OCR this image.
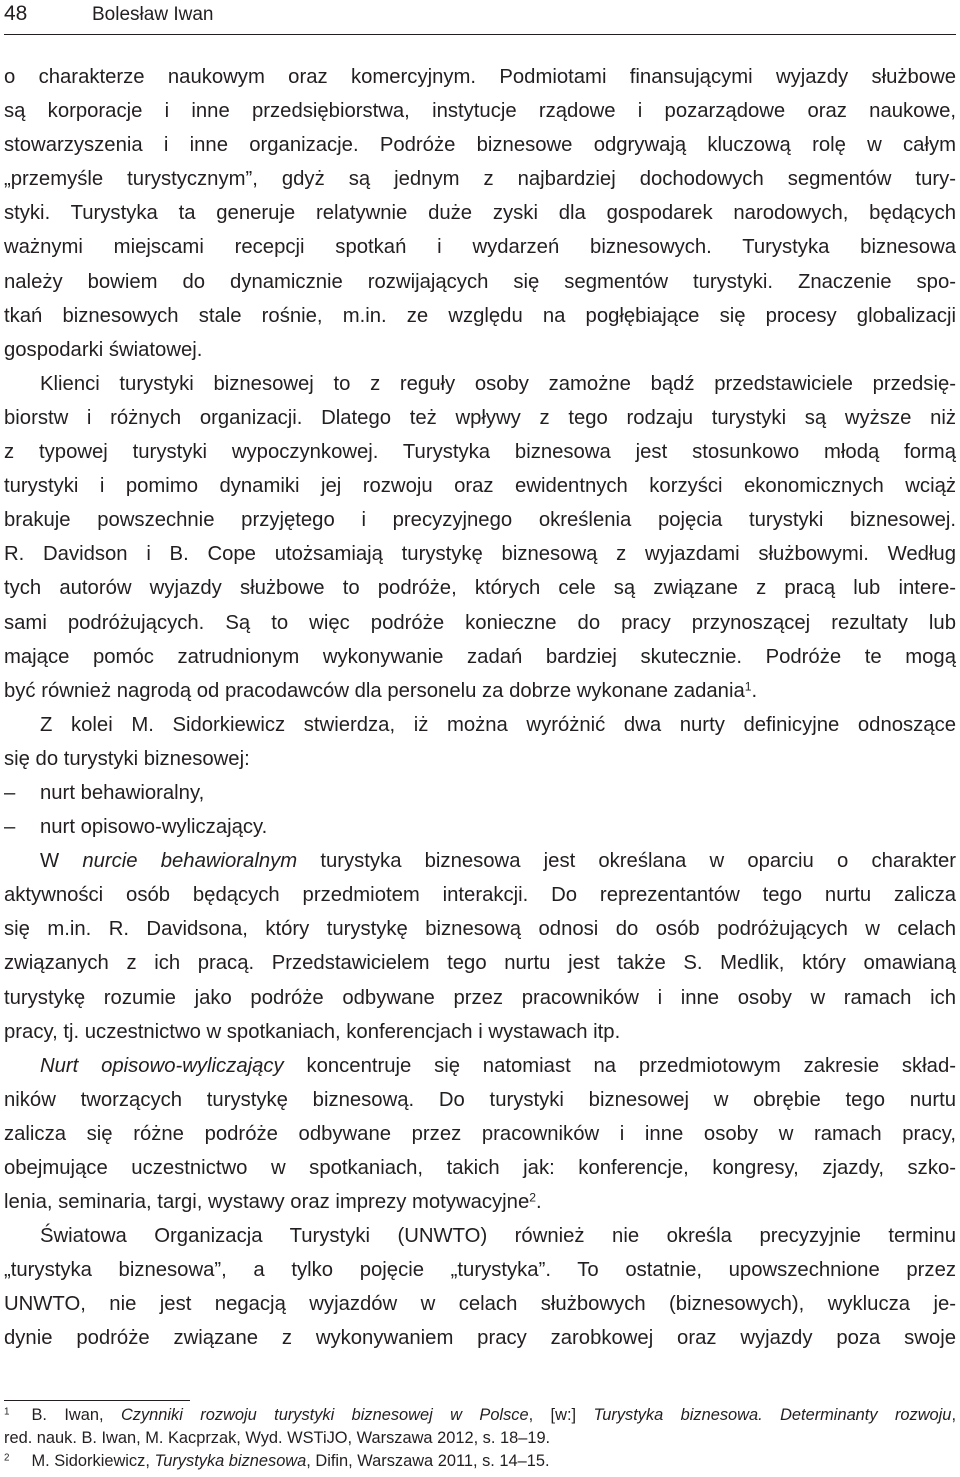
48	Bolesław Iwan
o charakterze naukowym oraz komercyjnym. Podmiotami finansującymi wyjazdy służbowe
są korporacje i inne przedsiębiorstwa, instytucje rządowe i pozarządowe oraz naukowe,
stowarzyszenia i inne organizacje. Podróże biznesowe odgrywają kluczową rolę w całym
„przemyśle turystycznym”, gdyż są jednym z najbardziej dochodowych segmentów tury-
styki. Turystyka ta generuje relatywnie duże zyski dla gospodarek narodowych, będących
ważnymi miejscami recepcji spotkań i wydarzeń biznesowych. Turystyka biznesowa
należy bowiem do dynamicznie rozwijających się segmentów turystyki. Znaczenie spo-
tkań biznesowych stale rośnie, m.in. ze względu na pogłębiające się procesy globalizacji
gospodarki światowej.
Klienci turystyki biznesowej to z reguły osoby zamożne bądź przedstawiciele przedsię-
biorstw i różnych organizacji. Dlatego też wpływy z tego rodzaju turystyki są wyższe niż
z typowej turystyki wypoczynkowej. Turystyka biznesowa jest stosunkowo młodą formą
turystyki i pomimo dynamiki jej rozwoju oraz ewidentnych korzyści ekonomicznych wciąż
brakuje powszechnie przyjętego i precyzyjnego określenia pojęcia turystyki biznesowej.
R. Davidson i B. Cope utożsamiają turystykę biznesową z wyjazdami służbowymi. Według
tych autorów wyjazdy służbowe to podróże, których cele są związane z pracą lub intere-
sami podróżujących. Są to więc podróże konieczne do pracy przynoszącej rezultaty lub
mające pomóc zatrudnionym wykonywanie zadań bardziej skutecznie. Podróże te mogą
być również nagrodą od pracodawców dla personelu za dobrze wykonane zadania$^1$.
Z kolei M. Sidorkiewicz stwierdza, iż można wyróżnić dwa nurty definicyjne odnoszące
się do turystyki biznesowej:
– nurt behawioralny,
– nurt opisowo-wyliczający.
W nurcie behawioralnym turystyka biznesowa jest określana w oparciu o charakter
aktywności osób będących przedmiotem interakcji. Do reprezentantów tego nurtu zalicza
się m.in. R. Davidsona, który turystykę biznesową odnosi do osób podróżujących w celach
związanych z ich pracą. Przedstawicielem tego nurtu jest także S. Medlik, który omawianą
turystykę rozumie jako podróże odbywane przez pracowników i inne osoby w ramach ich
pracy, tj. uczestnictwo w spotkaniach, konferencjach i wystawach itp.
Nurt opisowo-wyliczający koncentruje się natomiast na przedmiotowym zakresie skład-
ników tworzących turystykę biznesową. Do turystyki biznesowej w obrębie tego nurtu
zalicza się różne podróże odbywane przez pracowników i inne osoby w ramach pracy,
obejmujące uczestnictwo w spotkaniach, takich jak: konferencje, kongresy, zjazdy, szko-
lenia, seminaria, targi, wystawy oraz imprezy motywacyjne$^2$.
Światowa Organizacja Turystyki (UNWTO) również nie określa precyzyjnie terminu
„turystyka biznesowa”, a tylko pojęcie „turystyka”. To ostatnie, upowszechnione przez
UNWTO, nie jest negacją wyjazdów w celach służbowych (biznesowych), wyklucza je-
dynie podróże związane z wykonywaniem pracy zarobkowej oraz wyjazdy poza swoje
$^1$ B. Iwan, Czynniki rozwoju turystyki biznesowej w Polsce, [w:] Turystyka biznesowa. Determinanty rozwoju,
red. nauk. B. Iwan, M. Kacprzak, Wyd. WSTiJO, Warszawa 2012, s. 18–19.
$^2$ M. Sidorkiewicz, Turystyka biznesowa, Difin, Warszawa 2011, s. 14–15.
